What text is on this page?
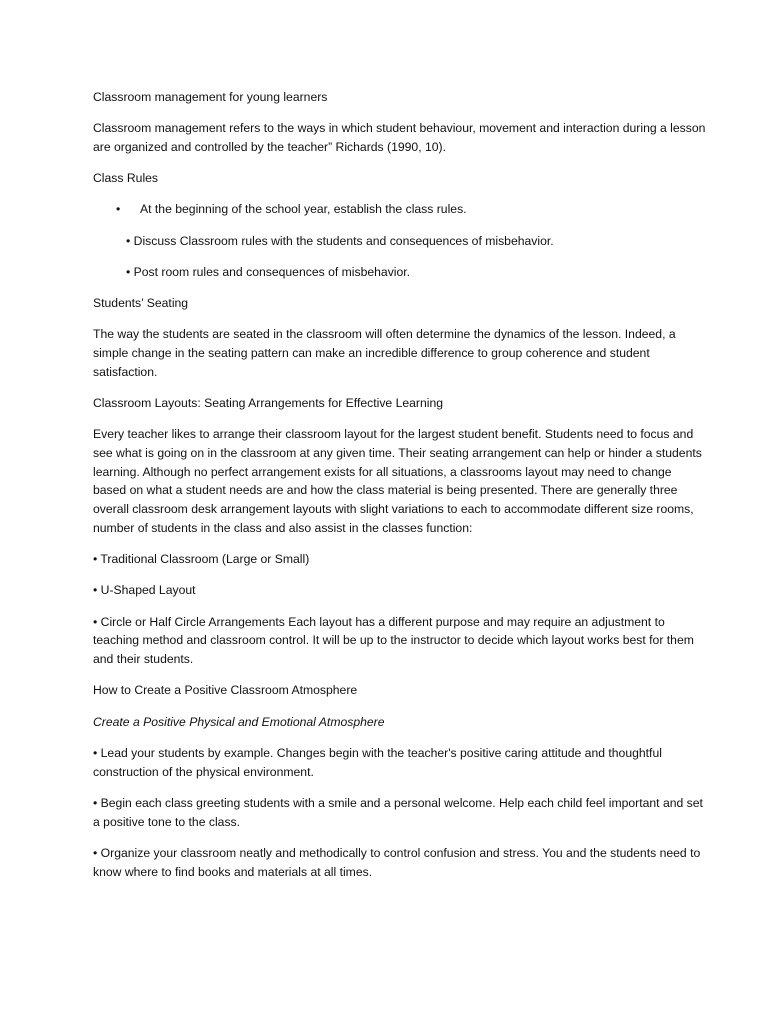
Classroom management for young learners

Classroom management refers to the ways in which student behaviour, movement and interaction during a lesson are organized and controlled by the teacher” Richards (1990, 10).

Class Rules

• At the beginning of the school year, establish the class rules.

• Discuss Classroom rules with the students and consequences of misbehavior.

• Post room rules and consequences of misbehavior.

Students’ Seating

The way the students are seated in the classroom will often determine the dynamics of the lesson. Indeed, a simple change in the seating pattern can make an incredible difference to group coherence and student satisfaction.

Classroom Layouts: Seating Arrangements for Effective Learning

Every teacher likes to arrange their classroom layout for the largest student benefit. Students need to focus and see what is going on in the classroom at any given time. Their seating arrangement can help or hinder a students learning. Although no perfect arrangement exists for all situations, a classrooms layout may need to change based on what a student needs are and how the class material is being presented. There are generally three overall classroom desk arrangement layouts with slight variations to each to accommodate different size rooms, number of students in the class and also assist in the classes function:

• Traditional Classroom (Large or Small)

• U-Shaped Layout

• Circle or Half Circle Arrangements Each layout has a different purpose and may require an adjustment to teaching method and classroom control. It will be up to the instructor to decide which layout works best for them and their students.

How to Create a Positive Classroom Atmosphere

Create a Positive Physical and Emotional Atmosphere

• Lead your students by example. Changes begin with the teacher's positive caring attitude and thoughtful construction of the physical environment.

• Begin each class greeting students with a smile and a personal welcome. Help each child feel important and set a positive tone to the class.

• Organize your classroom neatly and methodically to control confusion and stress. You and the students need to know where to find books and materials at all times.
